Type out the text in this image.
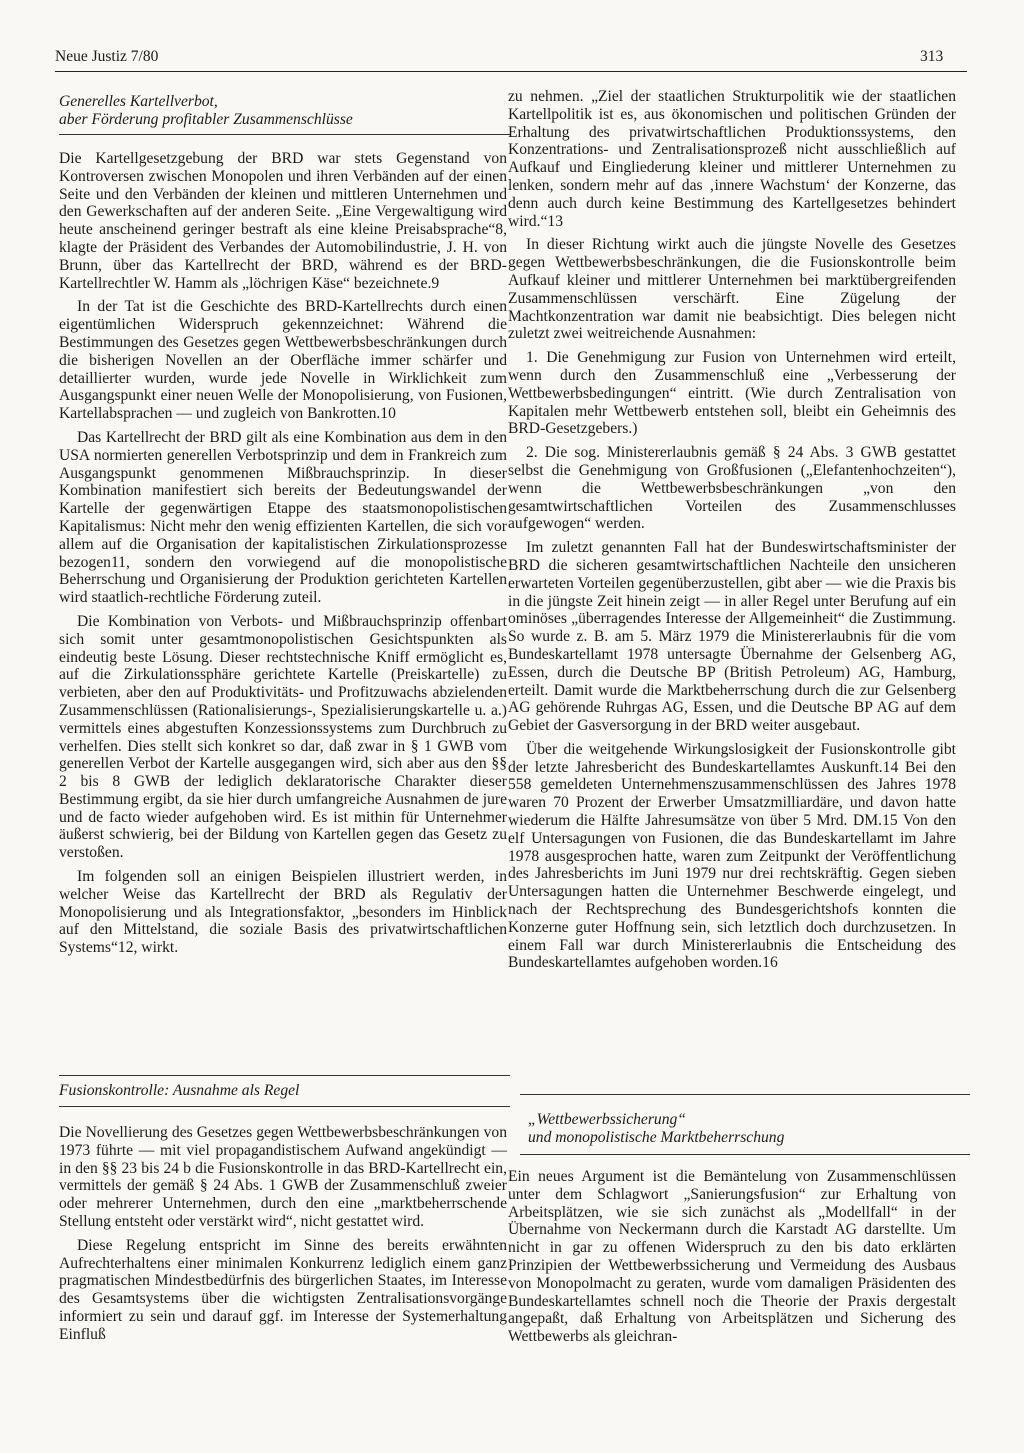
Neue Justiz 7/80	313
Generelles Kartellverbot,
aber Förderung profitabler Zusammenschlüsse

Die Kartellgesetzgebung der BRD war stets Gegenstand von Kontroversen zwischen Monopolen und ihren Verbänden auf der einen Seite und den Verbänden der kleinen und mittleren Unternehmen und den Gewerkschaften auf der anderen Seite. „Eine Vergewaltigung wird heute anscheinend geringer bestraft als eine kleine Preisabsprache“8, klagte der Präsident des Verbandes der Automobilindustrie, J. H. von Brunn, über das Kartellrecht der BRD, während es der BRD-Kartellrechtler W. Hamm als „löchrigen Käse“ bezeichnete.9

In der Tat ist die Geschichte des BRD-Kartellrechts durch einen eigentümlichen Widerspruch gekennzeichnet: Während die Bestimmungen des Gesetzes gegen Wettbewerbsbeschränkungen durch die bisherigen Novellen an der Oberfläche immer schärfer und detaillierter wurden, wurde jede Novelle in Wirklichkeit zum Ausgangspunkt einer neuen Welle der Monopolisierung, von Fusionen, Kartellabsprachen — und zugleich von Bankrotten.10

Das Kartellrecht der BRD gilt als eine Kombination aus dem in den USA normierten generellen Verbotsprinzip und dem in Frankreich zum Ausgangspunkt genommenen Mißbrauchsprinzip. In dieser Kombination manifestiert sich bereits der Bedeutungswandel der Kartelle der gegenwärtigen Etappe des staatsmonopolistischen Kapitalismus: Nicht mehr den wenig effizienten Kartellen, die sich vor allem auf die Organisation der kapitalistischen Zirkulationsprozesse bezogen11, sondern den vorwiegend auf die monopolistische Beherrschung und Organisierung der Produktion gerichteten Kartellen wird staatlich-rechtliche Förderung zuteil.

Die Kombination von Verbots- und Mißbrauchsprinzip offenbart sich somit unter gesamtmonopolistischen Gesichtspunkten als eindeutig beste Lösung. Dieser rechtstechnische Kniff ermöglicht es, auf die Zirkulationssphäre gerichtete Kartelle (Preiskartelle) zu verbieten, aber den auf Produktivitäts- und Profitzuwachs abzielenden Zusammenschlüssen (Rationalisierungs-, Spezialisierungskartelle u. a.) vermittels eines abgestuften Konzessionssystems zum Durchbruch zu verhelfen. Dies stellt sich konkret so dar, daß zwar in § 1 GWB vom generellen Verbot der Kartelle ausgegangen wird, sich aber aus den §§ 2 bis 8 GWB der lediglich deklaratorische Charakter dieser Bestimmung ergibt, da sie hier durch umfangreiche Ausnahmen de jure und de facto wieder aufgehoben wird. Es ist mithin für Unternehmer äußerst schwierig, bei der Bildung von Kartellen gegen das Gesetz zu verstoßen.

Im folgenden soll an einigen Beispielen illustriert werden, in welcher Weise das Kartellrecht der BRD als Regulativ der Monopolisierung und als Integrationsfaktor, „besonders im Hinblick auf den Mittelstand, die soziale Basis des privatwirtschaftlichen Systems“12, wirkt.

Fusionskontrolle: Ausnahme als Regel

Die Novellierung des Gesetzes gegen Wettbewerbsbeschränkungen von 1973 führte — mit viel propagandistischem Aufwand angekündigt — in den §§ 23 bis 24 b die Fusionskontrolle in das BRD-Kartellrecht ein, vermittels der gemäß § 24 Abs. 1 GWB der Zusammenschluß zweier oder mehrerer Unternehmen, durch den eine „marktbeherrschende Stellung entsteht oder verstärkt wird“, nicht gestattet wird.

Diese Regelung entspricht im Sinne des bereits erwähnten Aufrechterhaltens einer minimalen Konkurrenz lediglich einem ganz pragmatischen Mindestbedürfnis des bürgerlichen Staates, im Interesse des Gesamtsystems über die wichtigsten Zentralisationsvorgänge informiert zu sein und darauf ggf. im Interesse der Systemerhaltung Einfluß

zu nehmen. „Ziel der staatlichen Strukturpolitik wie der staatlichen Kartellpolitik ist es, aus ökonomischen und politischen Gründen der Erhaltung des privatwirtschaftlichen Produktionssystems, den Konzentrations- und Zentralisationsprozeß nicht ausschließlich auf Aufkauf und Eingliederung kleiner und mittlerer Unternehmen zu lenken, sondern mehr auf das ‚innere Wachstum‘ der Konzerne, das denn auch durch keine Bestimmung des Kartellgesetzes behindert wird.“13

In dieser Richtung wirkt auch die jüngste Novelle des Gesetzes gegen Wettbewerbsbeschränkungen, die die Fusionskontrolle beim Aufkauf kleiner und mittlerer Unternehmen bei marktübergreifenden Zusammenschlüssen verschärft. Eine Zügelung der Machtkonzentration war damit nie beabsichtigt. Dies belegen nicht zuletzt zwei weitreichende Ausnahmen:

1. Die Genehmigung zur Fusion von Unternehmen wird erteilt, wenn durch den Zusammenschluß eine „Verbesserung der Wettbewerbsbedingungen“ eintritt. (Wie durch Zentralisation von Kapitalen mehr Wettbewerb entstehen soll, bleibt ein Geheimnis des BRD-Gesetzgebers.)

2. Die sog. Ministererlaubnis gemäß § 24 Abs. 3 GWB gestattet selbst die Genehmigung von Großfusionen („Elefantenhochzeiten“), wenn die Wettbewerbsbeschränkungen „von den gesamtwirtschaftlichen Vorteilen des Zusammenschlusses aufgewogen“ werden.

Im zuletzt genannten Fall hat der Bundeswirtschaftsminister der BRD die sicheren gesamtwirtschaftlichen Nachteile den unsicheren erwarteten Vorteilen gegenüberzustellen, gibt aber — wie die Praxis bis in die jüngste Zeit hinein zeigt — in aller Regel unter Berufung auf ein ominöses „überragendes Interesse der Allgemeinheit“ die Zustimmung. So wurde z. B. am 5. März 1979 die Ministererlaubnis für die vom Bundeskartellamt 1978 untersagte Übernahme der Gelsenberg AG, Essen, durch die Deutsche BP (British Petroleum) AG, Hamburg, erteilt. Damit wurde die Marktbeherrschung durch die zur Gelsenberg AG gehörende Ruhrgas AG, Essen, und die Deutsche BP AG auf dem Gebiet der Gasversorgung in der BRD weiter ausgebaut.

Über die weitgehende Wirkungslosigkeit der Fusionskontrolle gibt der letzte Jahresbericht des Bundeskartellamtes Auskunft.14 Bei den 558 gemeldeten Unternehmenszusammenschlüssen des Jahres 1978 waren 70 Prozent der Erwerber Umsatzmilliardäre, und davon hatte wiederum die Hälfte Jahresumsätze von über 5 Mrd. DM.15 Von den elf Untersagungen von Fusionen, die das Bundeskartellamt im Jahre 1978 ausgesprochen hatte, waren zum Zeitpunkt der Veröffentlichung des Jahresberichts im Juni 1979 nur drei rechtskräftig. Gegen sieben Untersagungen hatten die Unternehmer Beschwerde eingelegt, und nach der Rechtsprechung des Bundesgerichtshofs konnten die Konzerne guter Hoffnung sein, sich letztlich doch durchzusetzen. In einem Fall war durch Ministererlaubnis die Entscheidung des Bundeskartellamtes aufgehoben worden.16

„Wettbewerbssicherung“
und monopolistische Marktbeherrschung

Ein neues Argument ist die Bemäntelung von Zusammenschlüssen unter dem Schlagwort „Sanierungsfusion“ zur Erhaltung von Arbeitsplätzen, wie sie sich zunächst als „Modellfall“ in der Übernahme von Neckermann durch die Karstadt AG darstellte. Um nicht in gar zu offenen Widerspruch zu den bis dato erklärten Prinzipien der Wettbewerbssicherung und Vermeidung des Ausbaus von Monopolmacht zu geraten, wurde vom damaligen Präsidenten des Bundeskartellamtes schnell noch die Theorie der Praxis dergestalt angepaßt, daß Erhaltung von Arbeitsplätzen und Sicherung des Wettbewerbs als gleichran-
